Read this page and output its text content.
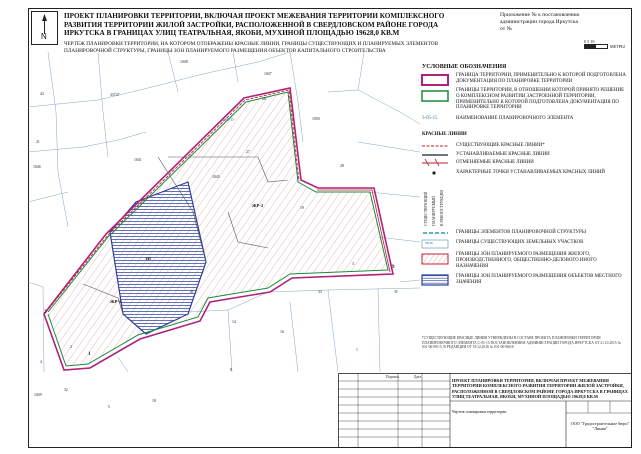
ЖР-1
ЖР-2
ЗИ
1
2
9
3-05-15
43
1046
33727
1041
1048
1047
27
26
1050
28
19
1045
3
33
16
14
41
2
4
1049
5
18
8
32
21
1
35
N
ПРОЕКТ ПЛАНИРОВКИ ТЕРРИТОРИИ, ВКЛЮЧАЯ ПРОЕКТ МЕЖЕВАНИЯ ТЕРРИТОРИИ КОМПЛЕКСНОГО РАЗВИТИЯ ТЕРРИТОРИИ ЖИЛОЙ ЗАСТРОЙКИ, РАСПОЛОЖЕННОЙ В СВЕРДЛОВСКОМ РАЙОНЕ ГОРОДА ИРКУТСКА В ГРАНИЦАХ УЛИЦ ТЕАТРАЛЬНАЯ, ЯКОБИ, МУХИНОЙ ПЛОЩАДЬЮ 19628,0 КВ.М
ЧЕРТЕЖ ПЛАНИРОВКИ ТЕРРИТОРИИ, НА КОТОРОМ ОТОБРАЖЕНЫ КРАСНЫЕ ЛИНИИ, ГРАНИЦЫ СУЩЕСТВУЮЩИХ И ПЛАНИРУЕМЫХ ЭЛЕМЕНТОВ ПЛАНИРОВОЧНОЙ СТРУКТУРЫ, ГРАНИЦЫ ЗОН ПЛАНИРУЕМОГО РАЗМЕЩЕНИЯ ОБЪЕКТОВ КАПИТАЛЬНОГО СТРОИТЕЛЬСТВА
Приложение № к постановлению
администрации города Иркутска
от №
0 5 10
МЕТРЫ
УСЛОВНЫЕ ОБОЗНАЧЕНИЯ
ГРАНИЦА ТЕРРИТОРИИ, ПРИМЕНИТЕЛЬНО К КОТОРОЙ ПОДГОТОВЛЕНА ДОКУМЕНТАЦИЯ ПО ПЛАНИРОВКЕ ТЕРРИТОРИИ
ГРАНИЦЫ ТЕРРИТОРИИ, В ОТНОШЕНИИ КОТОРОЙ ПРИНЯТО РЕШЕНИЕ О КОМПЛЕКСНОМ РАЗВИТИИ ЗАСТРОЕННОЙ ТЕРРИТОРИИ, ПРИМЕНИТЕЛЬНО К КОТОРОЙ ПОДГОТОВЛЕНА ДОКУМЕНТАЦИЯ ПО ПЛАНИРОВКЕ ТЕРРИТОРИИ
3-05-15	НАИМЕНОВАНИЕ ПЛАНИРОВОЧНОГО ЭЛЕМЕНТА
КРАСНЫЕ ЛИНИИ
СУЩЕСТВУЮЩИЕ КРАСНЫЕ ЛИНИИ*
УСТАНАВЛИВАЕМЫЕ КРАСНЫЕ ЛИНИИ
ОТМЕНЯЕМЫЕ КРАСНЫЕ ЛИНИИ
ХАРАКТЕРНЫЕ ТОЧКИ УСТАНАВЛИВАЕМЫХ КРАСНЫХ ЛИНИЙ
СУЩЕСТВУЮЩИЙ ПЛАНИРУЕМЫЙ К РЕКОНСТРУКЦИИ
ГРАНИЦЫ ЭЛЕМЕНТОВ ПЛАНИРОВОЧНОЙ СТРУКТУРЫ
38:36	ГРАНИЦЫ СУЩЕСТВУЮЩИХ ЗЕМЕЛЬНЫХ УЧАСТКОВ
ГРАНИЦЫ ЗОН ПЛАНИРУЕМОГО РАЗМЕЩЕНИЯ ЖИЛОГО, ПРОИЗВОДСТВЕННОГО, ОБЩЕСТВЕННО-ДЕЛОВОГО ИНОГО НАЗНАЧЕНИЯ
ГРАНИЦЫ ЗОН ПЛАНИРУЕМОГО РАЗМЕЩЕНИЯ ОБЪЕКТОВ МЕСТНОГО ЗНАЧЕНИЯ
*СУЩЕСТВУЮЩИЕ КРАСНЫЕ ЛИНИИ УТВЕРЖДЕНЫ В СОСТАВЕ ПРОЕКТА ПЛАНИРОВКИ ТЕРРИТОРИИ ПЛАНИРОВОЧНОГО ЭЛЕМЕНТА С-05-15 ПОСТАНОВЛЕНИЕМ АДМИНИСТРАЦИИ ГОРОДА ИРКУТСКА ОТ 21.10.2015 № 031-06-991/5, В РЕДАКЦИИ ОТ 19.12.2016 № 031-06-966/6
Подпись	Дата
ПРОЕКТ ПЛАНИРОВКИ ТЕРРИТОРИИ, ВКЛЮЧАЯ ПРОЕКТ МЕЖЕВАНИЯ ТЕРРИТОРИИ КОМПЛЕКСНОГО РАЗВИТИЯ ТЕРРИТОРИИ ЖИЛОЙ ЗАСТРОЙКИ, РАСПОЛОЖЕННОЙ В СВЕРДЛОВСКОМ РАЙОНЕ ГОРОДА ИРКУТСКА В ГРАНИЦАХ УЛИЦ ТЕАТРАЛЬНАЯ, ЯКОБИ, МУХИНОЙ ПЛОЩАДЬЮ 19628,0 КВ.М
Чертеж планировки территории
ООО "Градостроительное бюро" "Линия"
